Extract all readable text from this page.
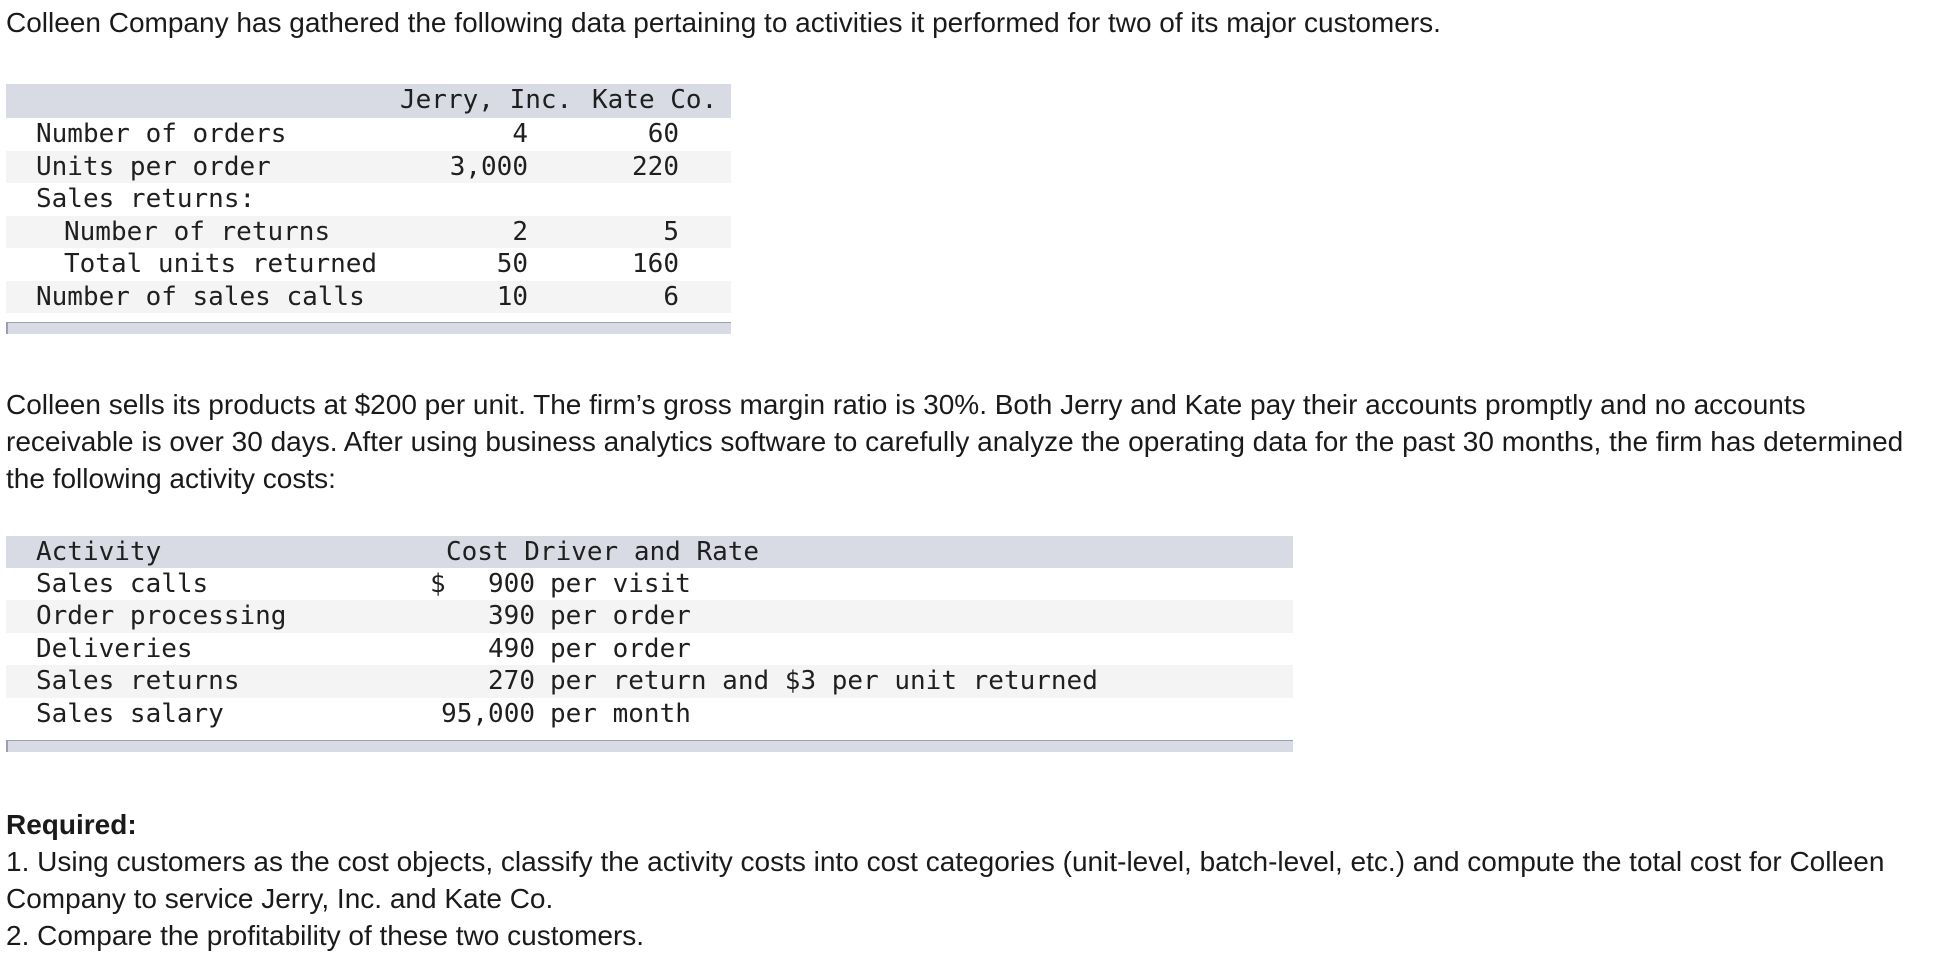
Colleen Company has gathered the following data pertaining to activities it performed for two of its major customers.

Jerry, Inc. Kate Co.
Number of orders	4	60
Units per order	3,000	220
Sales returns:
Number of returns	2	5
Total units returned	50	160
Number of sales calls	10	6

Colleen sells its products at $200 per unit. The firm’s gross margin ratio is 30%. Both Jerry and Kate pay their accounts promptly and no accounts receivable is over 30 days. After using business analytics software to carefully analyze the operating data for the past 30 months, the firm has determined the following activity costs:

Activity	Cost Driver and Rate
Sales calls	$ 900 per visit
Order processing	390 per order
Deliveries	490 per order
Sales returns	270 per return and $3 per unit returned
Sales salary	95,000 per month
Required:
1. Using customers as the cost objects, classify the activity costs into cost categories (unit-level, batch-level, etc.) and compute the total cost for Colleen Company to service Jerry, Inc. and Kate Co.
2. Compare the profitability of these two customers.
